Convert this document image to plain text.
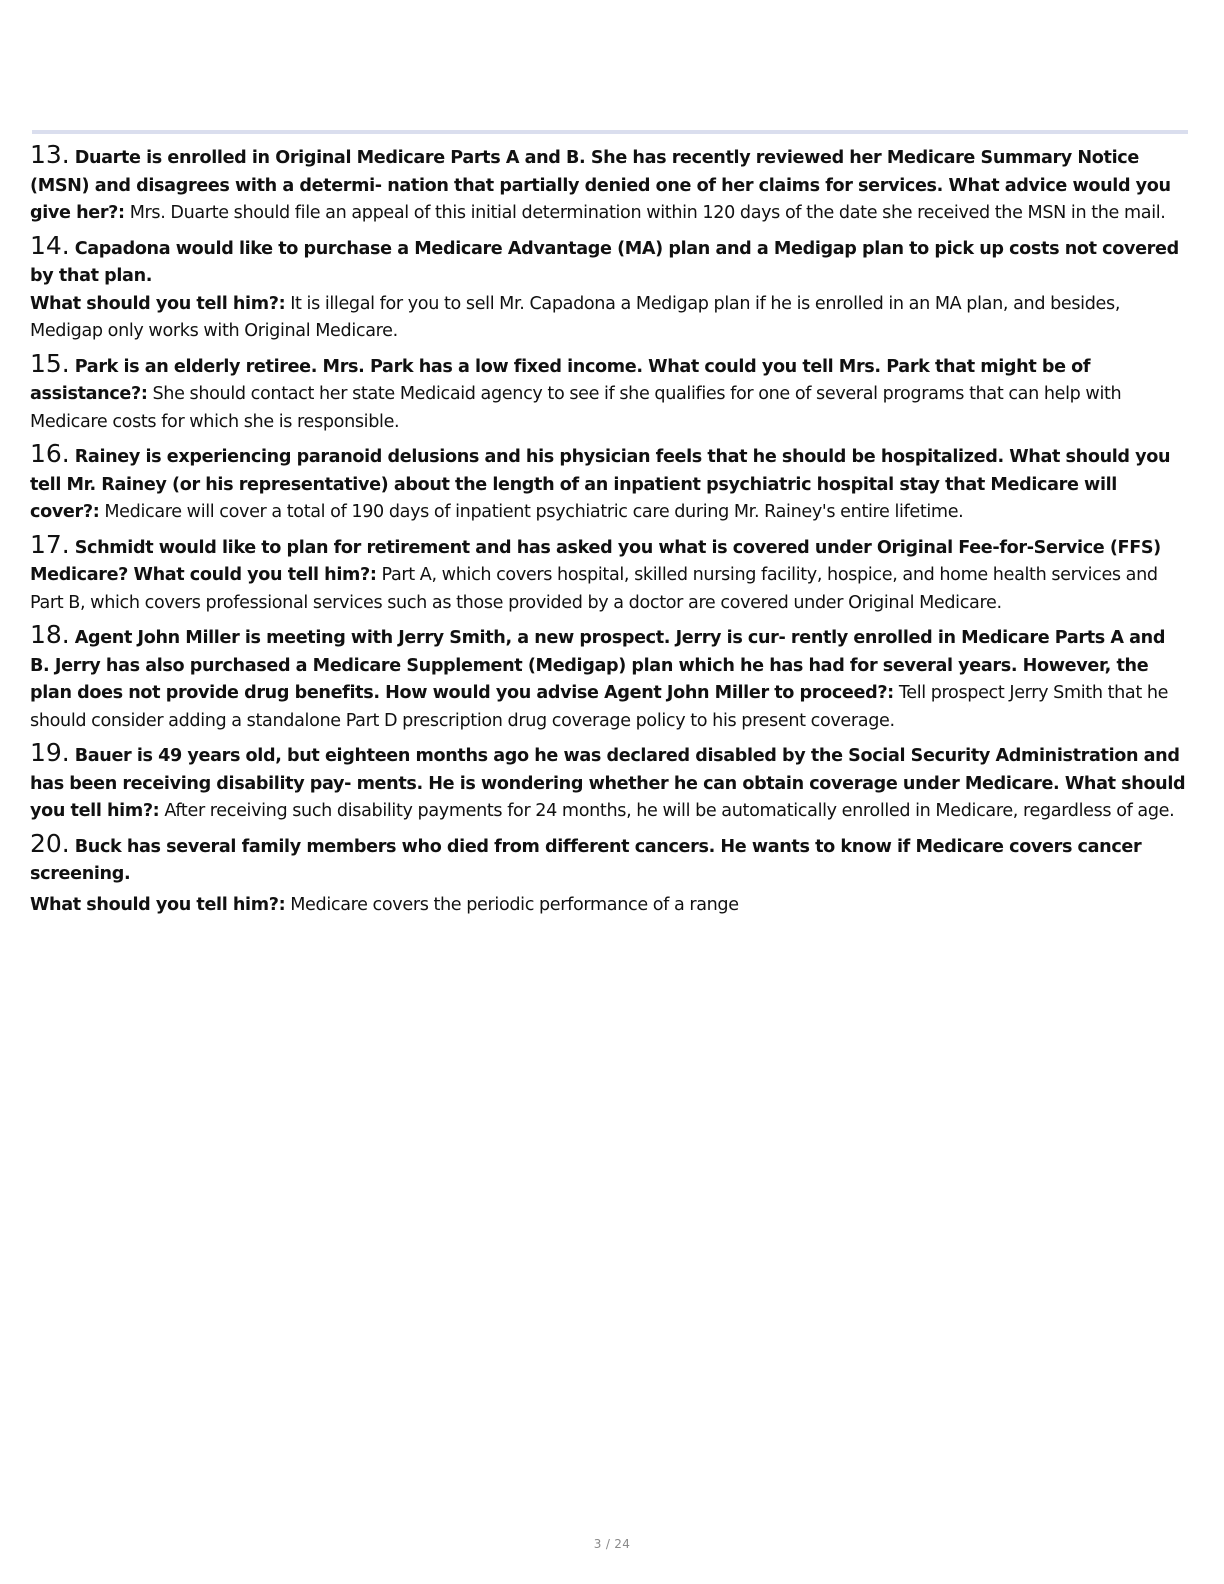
13. Duarte is enrolled in Original Medicare Parts A and B. She has recently reviewed her Medicare Summary Notice (MSN) and disagrees with a determi- nation that partially denied one of her claims for services. What advice would you give her?: Mrs. Duarte should file an appeal of this initial determination within 120 days of the date she received the MSN in the mail.

14. Capadona would like to purchase a Medicare Advantage (MA) plan and a Medigap plan to pick up costs not covered by that plan.
What should you tell him?: It is illegal for you to sell Mr. Capadona a Medigap plan if he is enrolled in an MA plan, and besides, Medigap only works with Original Medicare.

15. Park is an elderly retiree. Mrs. Park has a low fixed income. What could you tell Mrs. Park that might be of assistance?: She should contact her state Medicaid agency to see if she qualifies for one of several programs that can help with Medicare costs for which she is responsible.

16. Rainey is experiencing paranoid delusions and his physician feels that he should be hospitalized. What should you tell Mr. Rainey (or his representative) about the length of an inpatient psychiatric hospital stay that Medicare will cover?: Medicare will cover a total of 190 days of inpatient psychiatric care during Mr. Rainey's entire lifetime.

17. Schmidt would like to plan for retirement and has asked you what is covered under Original Fee-for-Service (FFS) Medicare? What could you tell him?: Part A, which covers hospital, skilled nursing facility, hospice, and home health services and Part B, which covers professional services such as those provided by a doctor are covered under Original Medicare.

18. Agent John Miller is meeting with Jerry Smith, a new prospect. Jerry is cur- rently enrolled in Medicare Parts A and B. Jerry has also purchased a Medicare Supplement (Medigap) plan which he has had for several years. However, the plan does not provide drug benefits. How would you advise Agent John Miller to proceed?: Tell prospect Jerry Smith that he should consider adding a standalone Part D prescription drug coverage policy to his present coverage.

19. Bauer is 49 years old, but eighteen months ago he was declared disabled by the Social Security Administration and has been receiving disability pay- ments. He is wondering whether he can obtain coverage under Medicare. What should you tell him?: After receiving such disability payments for 24 months, he will be automatically enrolled in Medicare, regardless of age.

20. Buck has several family members who died from different cancers. He wants to know if Medicare covers cancer screening.
What should you tell him?: Medicare covers the periodic performance of a range

3 / 24
